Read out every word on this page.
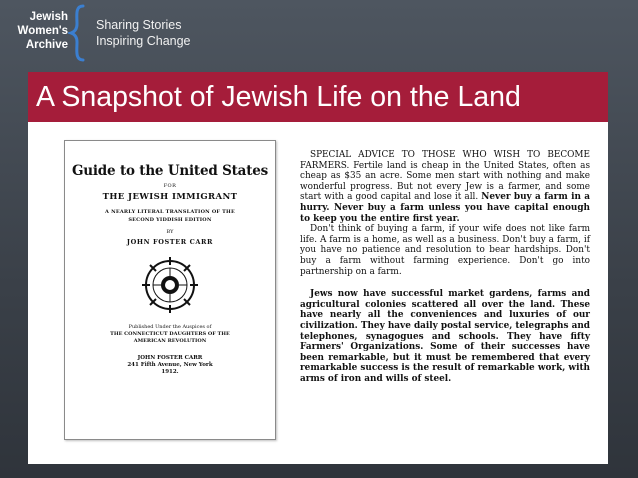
Jewish
Women's
Archive
Sharing Stories
Inspiring Change
A Snapshot of Jewish Life on the Land
Guide to the United States
FOR
THE JEWISH IMMIGRANT
A NEARLY LITERAL TRANSLATION OF THE
SECOND YIDDISH EDITION
BY
JOHN FOSTER CARR
Published Under the Auspices of
THE CONNECTICUT DAUGHTERS OF THE
AMERICAN REVOLUTION
JOHN FOSTER CARR
241 Fifth Avenue, New York
1912.

SPECIAL ADVICE TO THOSE WHO WISH TO BECOME FARMERS. Fertile land is cheap in the United States, often as cheap as $35 an acre. Some men start with nothing and make wonderful progress. But not every Jew is a farmer, and some start with a good capital and lose it all. Never buy a farm in a hurry. Never buy a farm unless you have capital enough to keep you the entire first year.

Don't think of buying a farm, if your wife does not like farm life. A farm is a home, as well as a business. Don't buy a farm, if you have no patience and resolution to bear hardships. Don't buy a farm without farming experience. Don't go into partnership on a farm.

Jews now have successful market gardens, farms and agricultural colonies scattered all over the land. These have nearly all the conveniences and luxuries of our civilization. They have daily postal service, telegraphs and telephones, synagogues and schools. They have fifty Farmers' Organizations. Some of their successes have been remarkable, but it must be remembered that every remarkable success is the result of remarkable work, with arms of iron and wills of steel.
